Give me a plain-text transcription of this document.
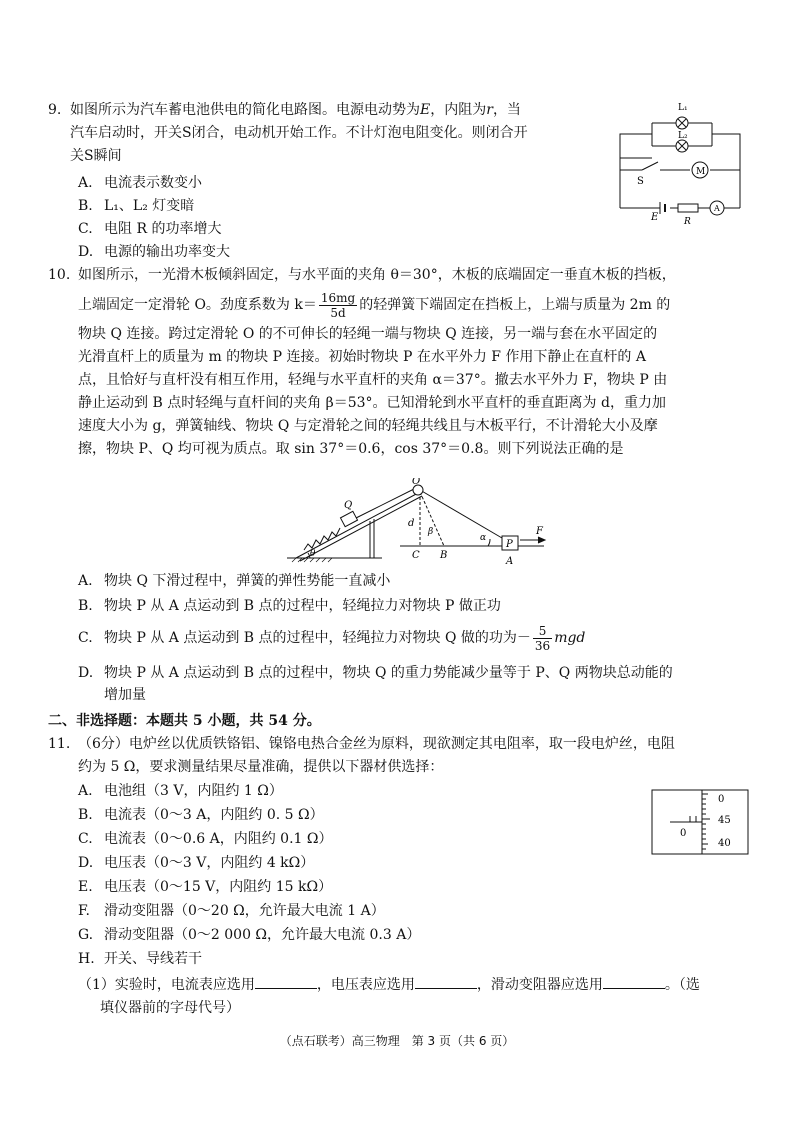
9. 如图所示为汽车蓄电池供电的简化电路图。电源电动势为E，内阻为r，当
汽车启动时，开关S闭合，电动机开始工作。不计灯泡电阻变化。则闭合开
关S瞬间
A. 电流表示数变小
B. L₁、L₂ 灯变暗
C. 电阻 R 的功率增大
D. 电源的输出功率变大
L₁
L₂
S
M
E	R
A
10. 如图所示，一光滑木板倾斜固定，与水平面的夹角 θ＝30°，木板的底端固定一垂直木板的挡板，
上端固定一定滑轮 O。劲度系数为 $k= \frac{16mg}{5d}$ 的轻弹簧下端固定在挡板上，上端与质量为 2m 的
物块 Q 连接。跨过定滑轮 O 的不可伸长的轻绳一端与物块 Q 连接，另一端与套在水平固定的
光滑直杆上的质量为 m 的物块 P 连接。初始时物块 P 在水平外力 F 作用下静止在直杆的 A
点，且恰好与直杆没有相互作用，轻绳与水平直杆的夹角 α＝37°。撤去水平外力 F，物块 P 由
静止运动到 B 点时轻绳与直杆间的夹角 β＝53°。已知滑轮到水平直杆的垂直距离为 d，重力加
速度大小为 g，弹簧轴线、物块 Q 与定滑轮之间的轻绳共线且与木板平行，不计滑轮大小及摩
擦，物块 P、Q 均可视为质点。取 sin 37°＝0.6，cos 37°＝0.8。则下列说法正确的是
O
Q
d
β
α
θ	C B
A
P
F
A. 物块 Q 下滑过程中，弹簧的弹性势能一直减小
B. 物块 P 从 A 点运动到 B 点的过程中，轻绳拉力对物块 P 做正功
C. 物块 P 从 A 点运动到 B 点的过程中，轻绳拉力对物块 Q 做的功为－ $\frac{5}{36}$ mgd
D. 物块 P 从 A 点运动到 B 点的过程中，物块 Q 的重力势能减少量等于 P、Q 两物块总动能的
增加量
二、非选择题：本题共 5 小题，共 54 分。
11. （6分）电炉丝以优质铁铬铝、镍铬电热合金丝为原料，现欲测定其电阻率，取一段电炉丝，电阻
约为 5 Ω，要求测量结果尽量准确，提供以下器材供选择：
A. 电池组（3 V，内阻约 1 Ω）
B. 电流表（0～3 A，内阻约 0. 5 Ω）
C. 电流表（0～0.6 A，内阻约 0.1 Ω）
D. 电压表（0～3 V，内阻约 4 kΩ）
E. 电压表（0～15 V，内阻约 15 kΩ）
F. 滑动变阻器（0～20 Ω，允许最大电流 1 A）
G. 滑动变阻器（0～2 000 Ω，允许最大电流 0.3 A）
H. 开关、导线若干
（1）实验时，电流表应选用	，电压表应选用	，滑动变阻器应选用	。（选
填仪器前的字母代号）
0
45
40
0
（点石联考）高三物理　第 3 页（共 6 页）
